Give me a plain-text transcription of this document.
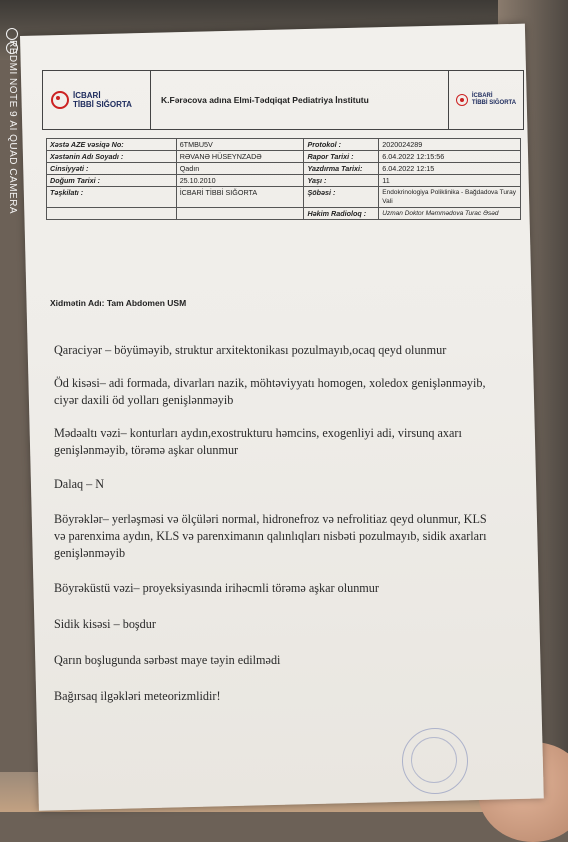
REDMI NOTE 9 AI QUAD CAMERA
İCBARİ
TİBBİ SIĞORTA	K.Fərəcova adına Elmi-Tədqiqat Pediatriya İnstitutu	İCBARİ
TİBBİ SIĞORTA
Xəstə AZE vəsiqə No:	6TMBU5V	Protokol :	2020024289
Xəstənin Adı Soyadı :	RƏVANƏ HÜSEYNZADƏ	Rapor Tarixi :	6.04.2022 12:15:56
Cinsiyyəti :	Qadın	Yazdırma Tarixi:	6.04.2022 12:15
Doğum Tarixi :	25.10.2010	Yaşı :	11
Təşkilatı :	İCBARİ TİBBİ SIĞORTA	Şöbəsi :	Endokrinologiya Poliklinika - Bağdadova Turay Vali
		Həkim Radioloq :	Uzman Doktor Məmmədova Turac Əsəd
Xidmətin Adı: Tam Abdomen USM

Qaraciyər – böyüməyib, struktur arxitektonikası pozulmayıb,ocaq qeyd olunmur

Öd kisəsi– adi formada, divarları nazik, möhtəviyyatı homogen, xoledox genişlənməyib, ciyər daxili öd yolları genişlənməyib

Mədəaltı vəzi– konturları aydın,exostrukturu həmcins, exogenliyi adi, virsunq axarı genişlənməyib, törəmə aşkar olunmur

Dalaq – N

Böyrəklər– yerləşməsi və ölçüləri normal, hidronefroz və nefrolitiaz qeyd olunmur, KLS və parenxima aydın, KLS və parenximanın qalınlıqları nisbəti pozulmayıb, sidik axarları genişlənməyib

Böyrəküstü vəzi– proyeksiyasında irihəcmli törəmə aşkar olunmur

Sidik kisəsi – boşdur

Qarın boşlugunda sərbəst maye təyin edilmədi

Bağırsaq ilgəkləri meteorizmlidir!
